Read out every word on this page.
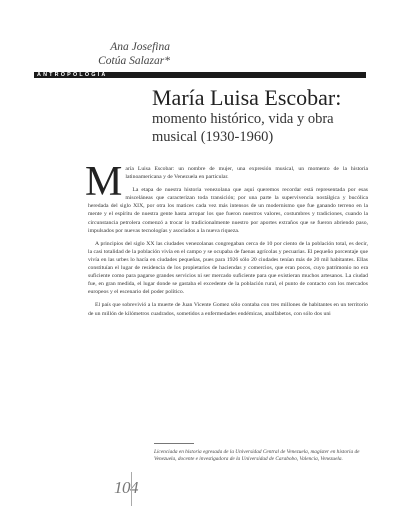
Ana Josefina
Cotúa Salazar*
ANTROPOLOGÍA
María Luisa Escobar:
momento histórico, vida y obra musical (1930-1960)

María Luisa Escobar: un nombre de mujer, una expresión musical, un momento de la historia latinoamericana y de Venezuela en particular.

La etapa de nuestra historia venezolana que aquí queremos recordar está representada por esas misceláneas que caracterizan toda transición; por una parte la supervivencia nostálgica y bucólica heredada del siglo XIX, por otra los matices cada vez más intensos de un modernismo que fue ganando terreno en la mente y el espíritu de nuestra gente hasta arropar los que fueron nuestros valores, costumbres y tradiciones, cuando la circunstancia petrolera comenzó a trocar lo tradicionalmente nuestro por aportes extraños que se fueron abriendo paso, impulsados por nuevas tecnologías y asociados a la nueva riqueza.

A principios del siglo XX las ciudades venezolanas congregaban cerca de 10 por ciento de la población total, es decir, la casi totalidad de la población vivía en el campo y se ocupaba de faenas agrícolas y pecuarias. El pequeño porcentaje que vivía en las urbes lo hacía en ciudades pequeñas, pues para 1926 sólo 20 ciudades tenían más de 20 mil habitantes. Ellas constituían el lugar de residencia de los propietarios de haciendas y comercios, que eran pocos, cuyo patrimonio no era suficiente como para pagarse grandes servicios ni ser mercado suficiente para que existieran muchos artesanos. La ciudad fue, en gran medida, el lugar donde se gastaba el excedente de la población rural, el punto de contacto con los mercados europeos y el escenario del poder político.

El país que sobrevivió a la muerte de Juan Vicente Gomez sólo contaba con tres millones de habitantes en un territorio de un millón de kilómetros cuadrados, sometidos a enfermedades endémicas, analfabetos, con sólo dos uni

Licenciada en historia egresada de la Universidad Central de Venezuela, magíster en historia de Venezuela, docente e investigadora de la Universidad de Carabobo, Valencia, Venezuela.
104
